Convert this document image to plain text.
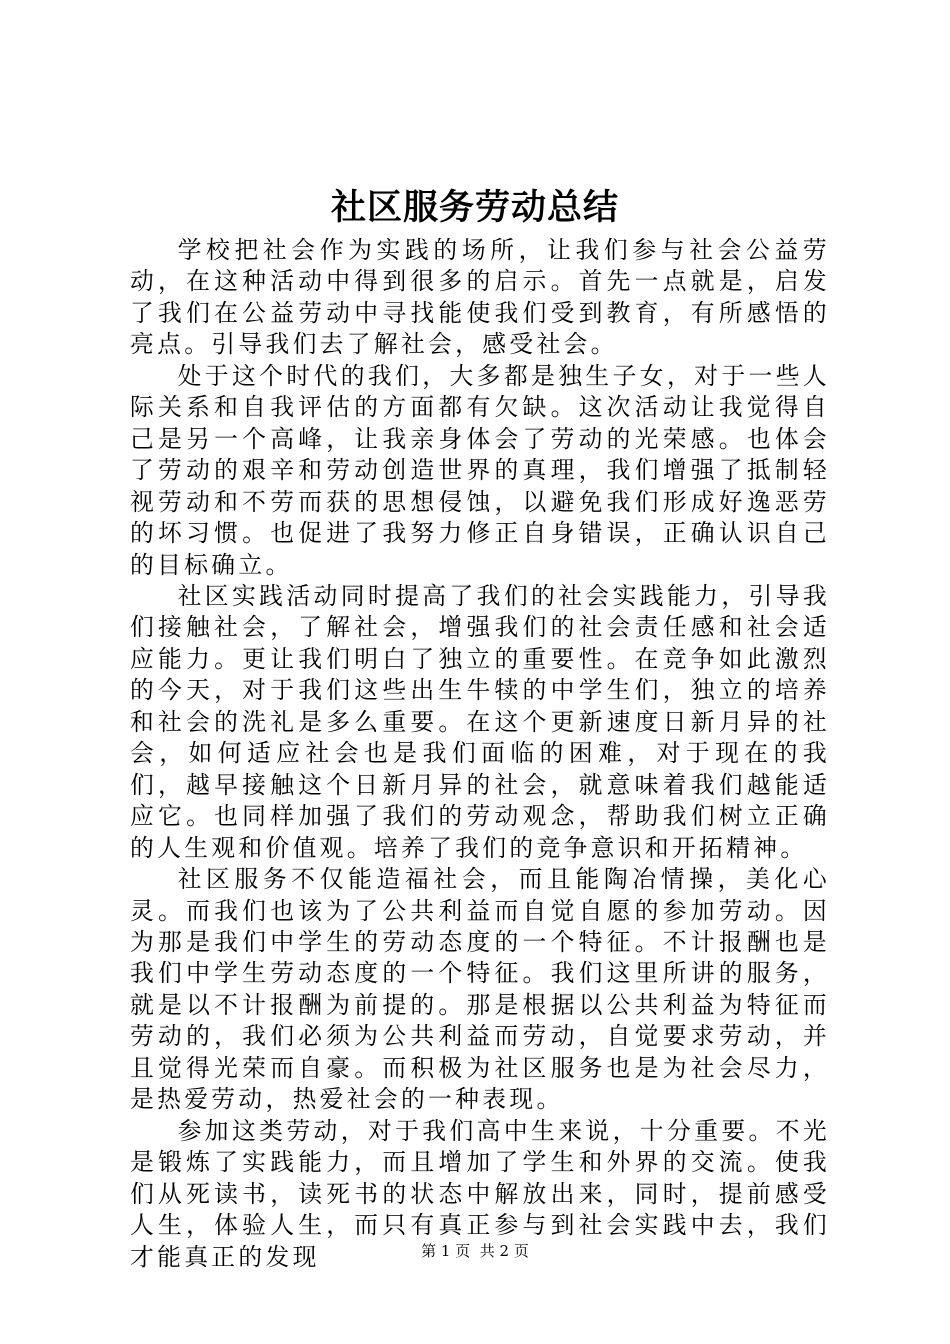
社区服务劳动总结

学校把社会作为实践的场所，让我们参与社会公益劳动，在这种活动中得到很多的启示。首先一点就是，启发了我们在公益劳动中寻找能使我们受到教育，有所感悟的亮点。引导我们去了解社会，感受社会。

处于这个时代的我们，大多都是独生子女，对于一些人际关系和自我评估的方面都有欠缺。这次活动让我觉得自己是另一个高峰，让我亲身体会了劳动的光荣感。也体会了劳动的艰辛和劳动创造世界的真理，我们增强了抵制轻视劳动和不劳而获的思想侵蚀，以避免我们形成好逸恶劳的坏习惯。也促进了我努力修正自身错误，正确认识自己的目标确立。

社区实践活动同时提高了我们的社会实践能力，引导我们接触社会，了解社会，增强我们的社会责任感和社会适应能力。更让我们明白了独立的重要性。在竞争如此激烈的今天，对于我们这些出生牛犊的中学生们，独立的培养和社会的洗礼是多么重要。在这个更新速度日新月异的社会，如何适应社会也是我们面临的困难，对于现在的我们，越早接触这个日新月异的社会，就意味着我们越能适应它。也同样加强了我们的劳动观念，帮助我们树立正确的人生观和价值观。培养了我们的竞争意识和开拓精神。

社区服务不仅能造福社会，而且能陶冶情操，美化心灵。而我们也该为了公共利益而自觉自愿的参加劳动。因为那是我们中学生的劳动态度的一个特征。不计报酬也是我们中学生劳动态度的一个特征。我们这里所讲的服务，就是以不计报酬为前提的。那是根据以公共利益为特征而劳动的，我们必须为公共利益而劳动，自觉要求劳动，并且觉得光荣而自豪。而积极为社区服务也是为社会尽力，是热爱劳动，热爱社会的一种表现。

参加这类劳动，对于我们高中生来说，十分重要。不光是锻炼了实践能力，而且增加了学生和外界的交流。使我们从死读书，读死书的状态中解放出来，同时，提前感受人生，体验人生，而只有真正参与到社会实践中去，我们才能真正的发现	第 1 页 共 2 页
